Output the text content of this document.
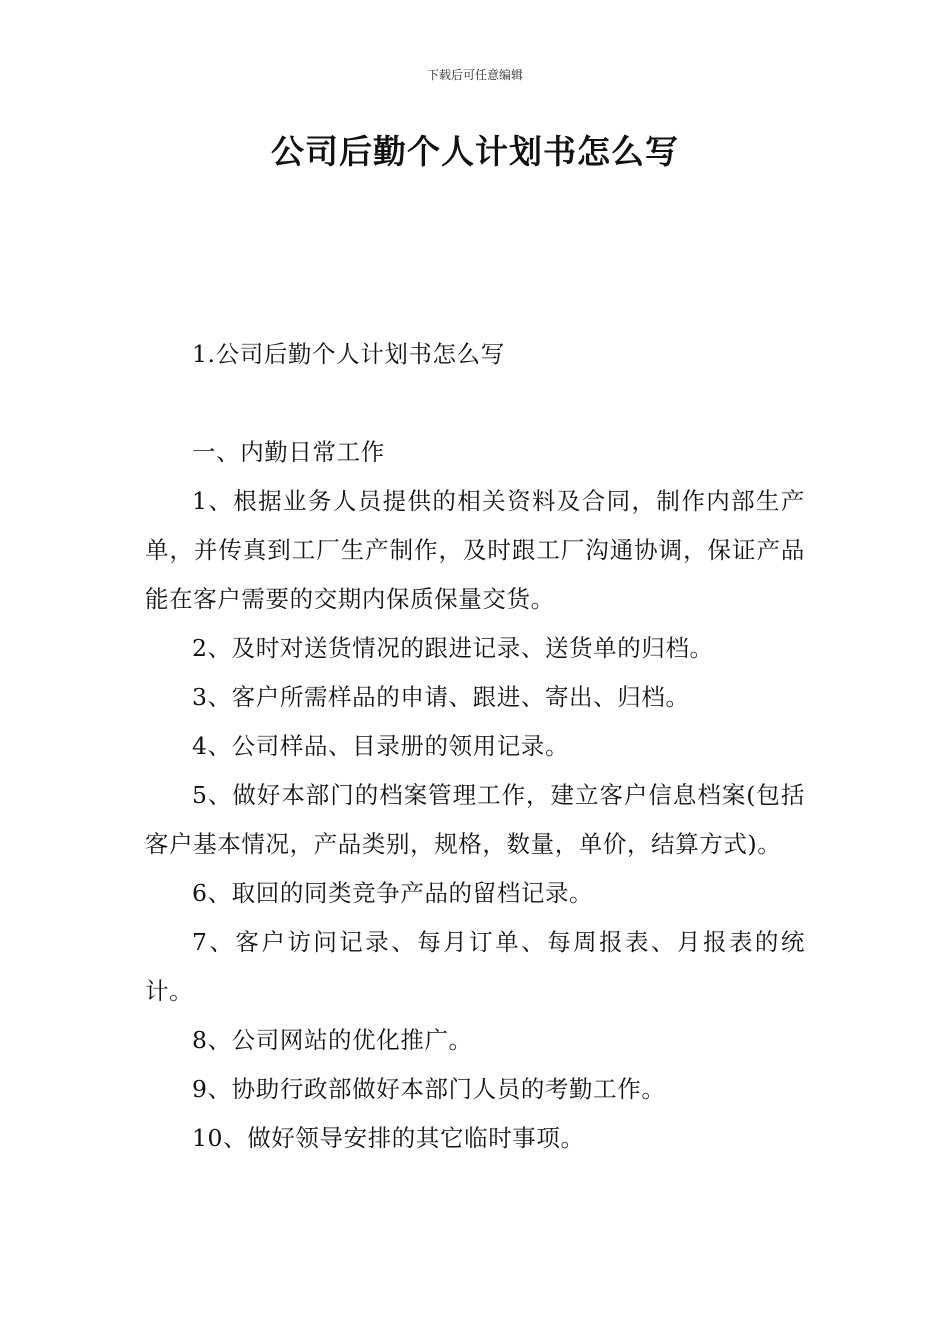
下载后可任意编辑
公司后勤个人计划书怎么写

1.公司后勤个人计划书怎么写

一、内勤日常工作

1、根据业务人员提供的相关资料及合同，制作内部生产单，并传真到工厂生产制作，及时跟工厂沟通协调，保证产品能在客户需要的交期内保质保量交货。

2、及时对送货情况的跟进记录、送货单的归档。

3、客户所需样品的申请、跟进、寄出、归档。

4、公司样品、目录册的领用记录。

5、做好本部门的档案管理工作，建立客户信息档案(包括客户基本情况，产品类别，规格，数量，单价，结算方式)。

6、取回的同类竞争产品的留档记录。

7、客户访问记录、每月订单、每周报表、月报表的统计。

8、公司网站的优化推广。

9、协助行政部做好本部门人员的考勤工作。

10、做好领导安排的其它临时事项。
